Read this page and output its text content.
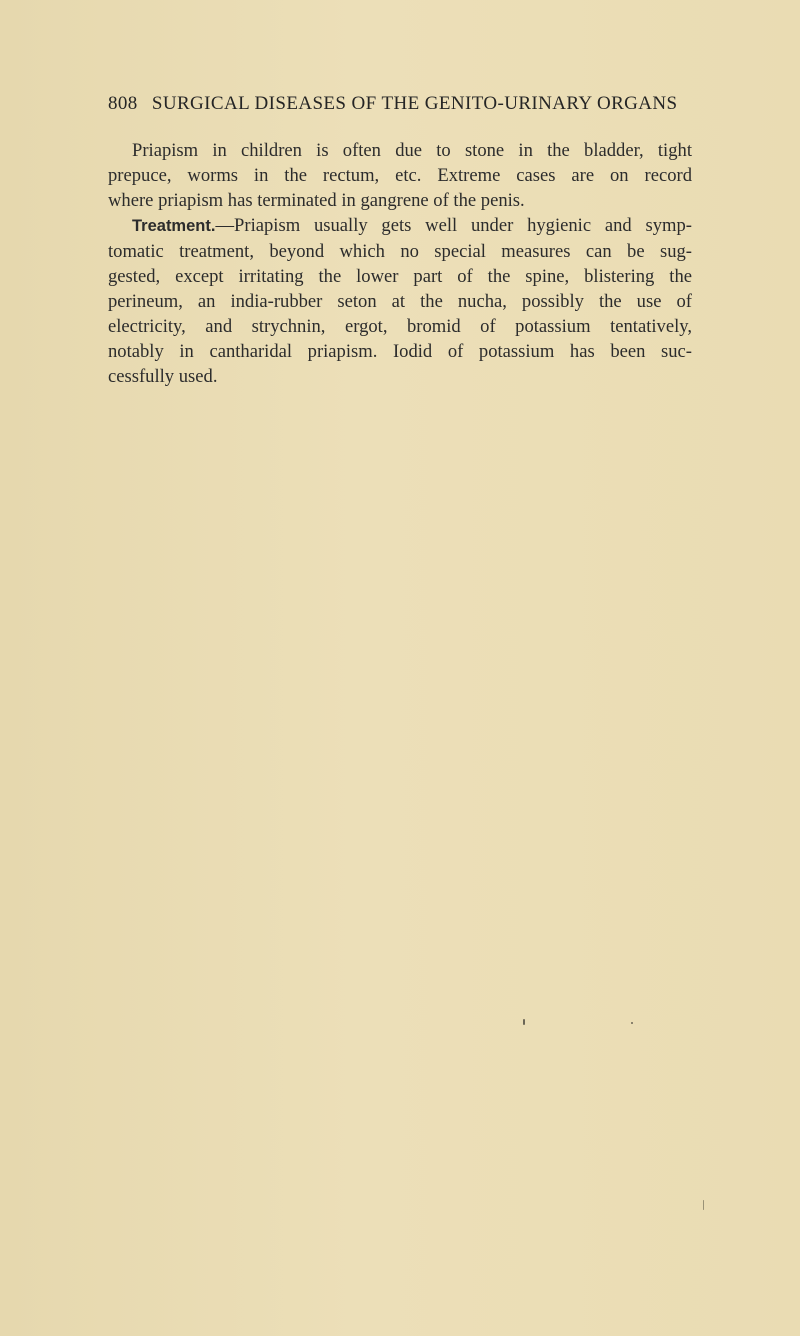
808 SURGICAL DISEASES OF THE GENITO-URINARY ORGANS
Priapism in children is often due to stone in the bladder, tight
prepuce, worms in the rectum, etc. Extreme cases are on record
where priapism has terminated in gangrene of the penis.
Treatment.—Priapism usually gets well under hygienic and symp-
tomatic treatment, beyond which no special measures can be sug-
gested, except irritating the lower part of the spine, blistering the
perineum, an india-rubber seton at the nucha, possibly the use of
electricity, and strychnin, ergot, bromid of potassium tentatively,
notably in cantharidal priapism. Iodid of potassium has been suc-
cessfully used.
